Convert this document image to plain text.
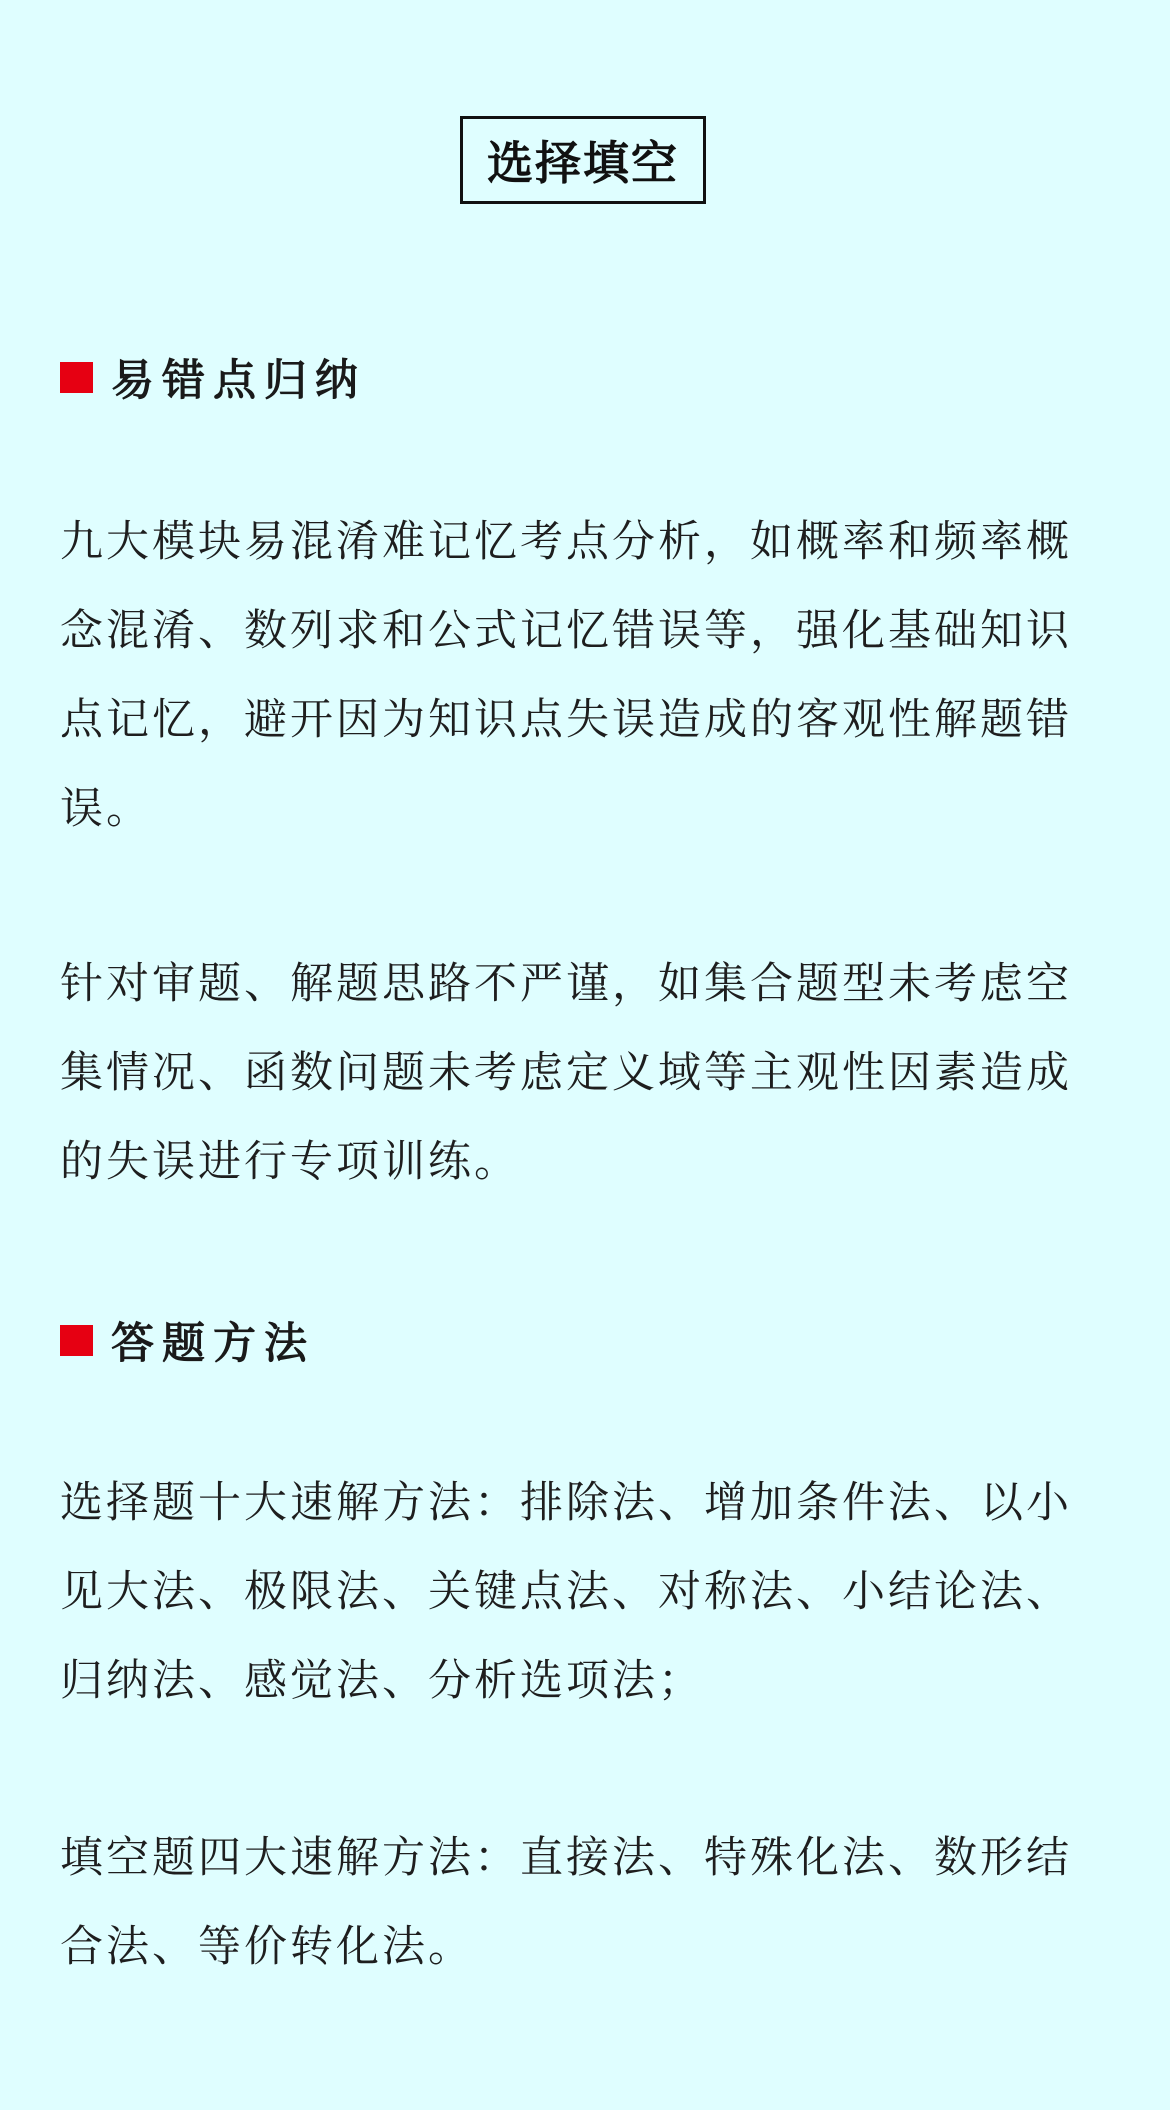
选择填空
易错点归纳

九大模块易混淆难记忆考点分析，如概率和频率概念混淆、数列求和公式记忆错误等，强化基础知识点记忆，避开因为知识点失误造成的客观性解题错误。

针对审题、解题思路不严谨，如集合题型未考虑空集情况、函数问题未考虑定义域等主观性因素造成的失误进行专项训练。

答题方法

选择题十大速解方法：排除法、增加条件法、以小见大法、极限法、关键点法、对称法、小结论法、归纳法、感觉法、分析选项法；

填空题四大速解方法：直接法、特殊化法、数形结合法、等价转化法。
